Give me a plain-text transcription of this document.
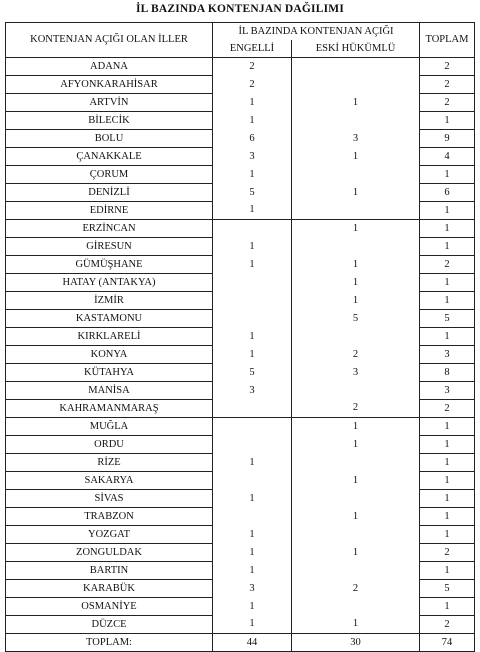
İL BAZINDA KONTENJAN DAĞILIMI
KONTENJAN AÇIĞI OLAN İLLER	İL BAZINDA KONTENJAN AÇIĞI		TOPLAM
	ENGELLİ	ESKİ HÜKÜMLÜ	
ADANA	2		2
AFYONKARAHİSAR	2		2
ARTVİN	1	1	2
BİLECİK	1		1
BOLU	6	3	9
ÇANAKKALE	3	1	4
ÇORUM	1		1
DENİZLİ	5	1	6
EDİRNE	1		1
ERZİNCAN		1	1
GİRESUN	1		1
GÜMÜŞHANE	1	1	2
HATAY (ANTAKYA)		1	1
İZMİR		1	1
KASTAMONU		5	5
KIRKLARELİ	1		1
KONYA	1	2	3
KÜTAHYA	5	3	8
MANİSA	3		3
KAHRAMANMARAŞ		2	2
MUĞLA		1	1
ORDU		1	1
RİZE	1		1
SAKARYA		1	1
SİVAS	1		1
TRABZON		1	1
YOZGAT	1		1
ZONGULDAK	1	1	2
BARTIN	1		1
KARABÜK	3	2	5
OSMANİYE	1		1
DÜZCE	1	1	2
TOPLAM:	44	30	74
